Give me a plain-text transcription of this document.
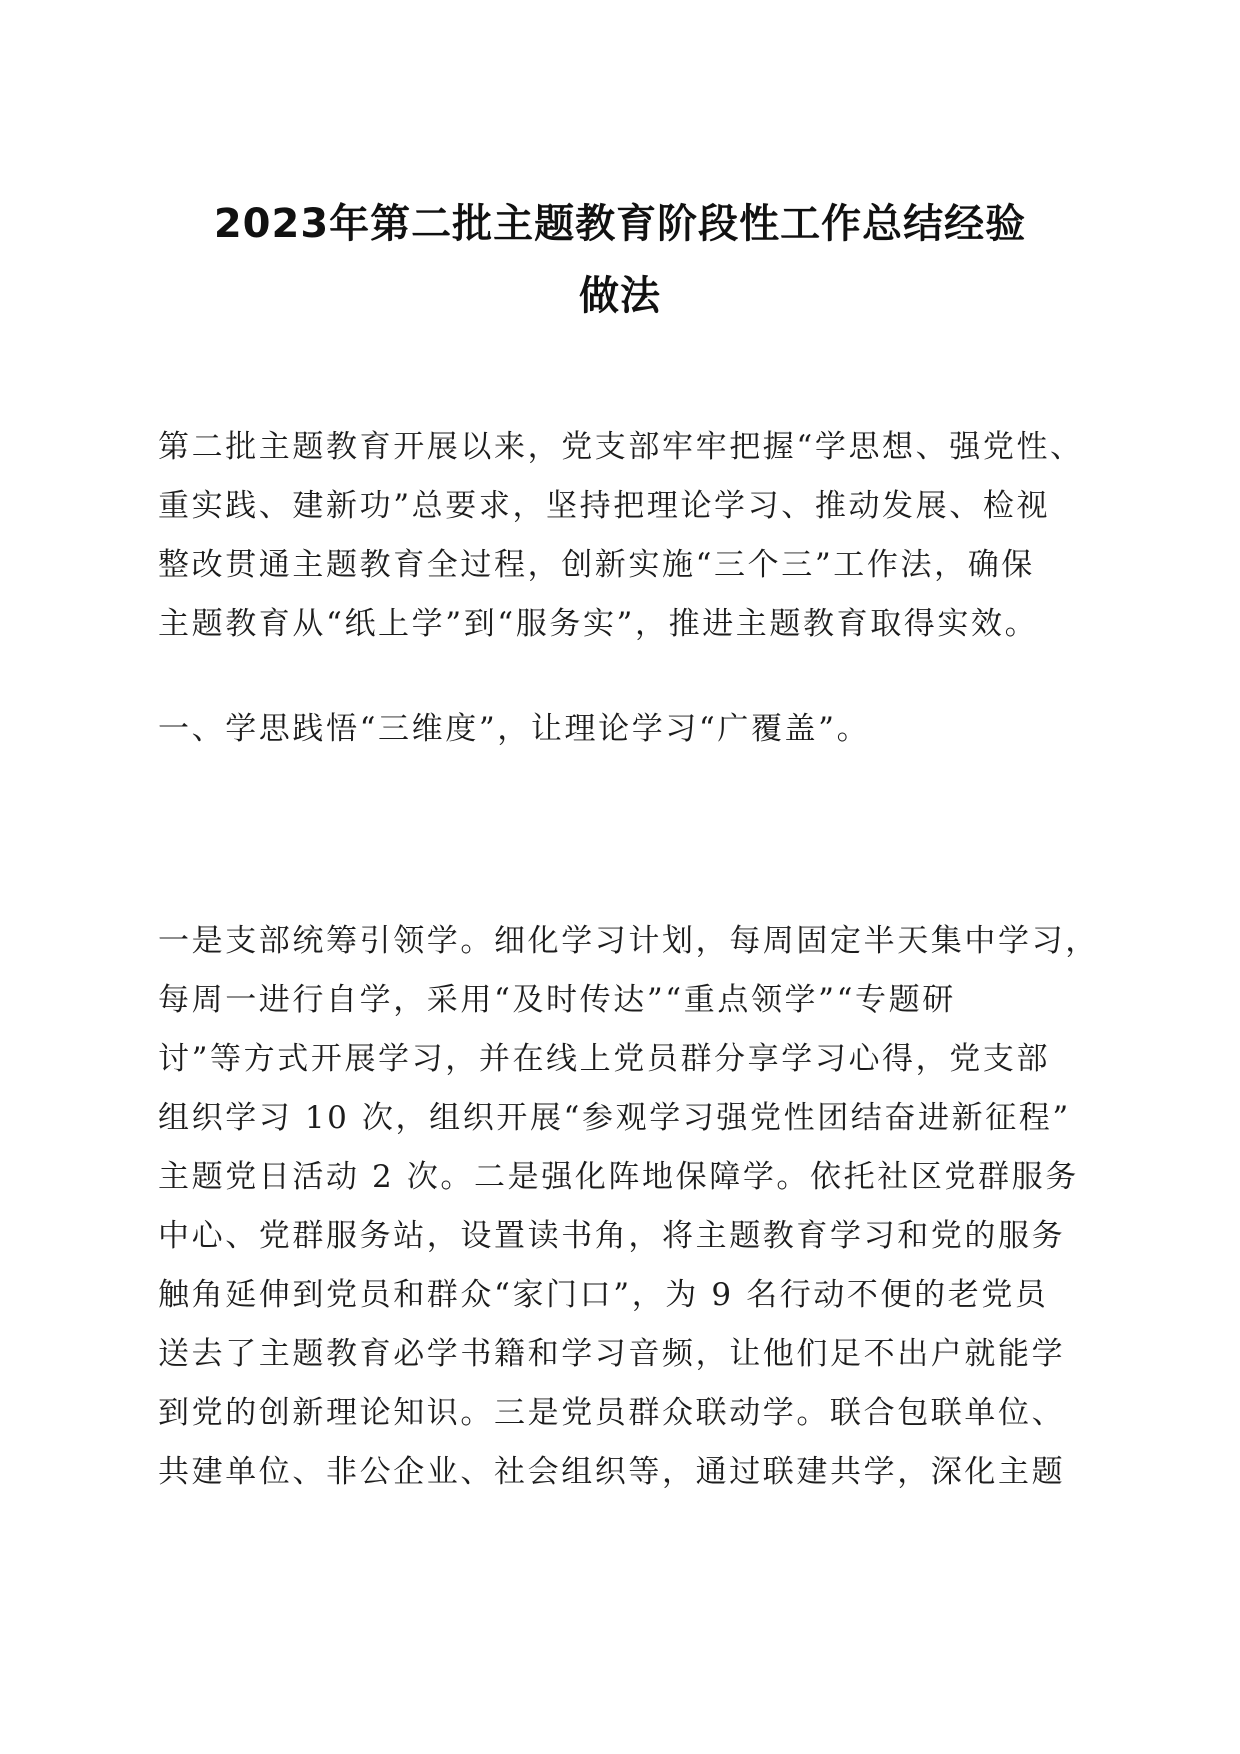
2023年第二批主题教育阶段性工作总结经验
做法
第二批主题教育开展以来，党支部牢牢把握“学思想、强党性、
重实践、建新功”总要求，坚持把理论学习、推动发展、检视
整改贯通主题教育全过程，创新实施“三个三”工作法，确保
主题教育从“纸上学”到“服务实”，推进主题教育取得实效。
一、学思践悟“三维度”，让理论学习“广覆盖”。
一是支部统筹引领学。细化学习计划，每周固定半天集中学习，
每周一进行自学，采用“及时传达”“重点领学”“专题研
讨”等方式开展学习，并在线上党员群分享学习心得，党支部
组织学习 10 次，组织开展“参观学习强党性团结奋进新征程”
主题党日活动 2 次。二是强化阵地保障学。依托社区党群服务
中心、党群服务站，设置读书角，将主题教育学习和党的服务
触角延伸到党员和群众“家门口”，为 9 名行动不便的老党员
送去了主题教育必学书籍和学习音频，让他们足不出户就能学
到党的创新理论知识。三是党员群众联动学。联合包联单位、
共建单位、非公企业、社会组织等，通过联建共学，深化主题
